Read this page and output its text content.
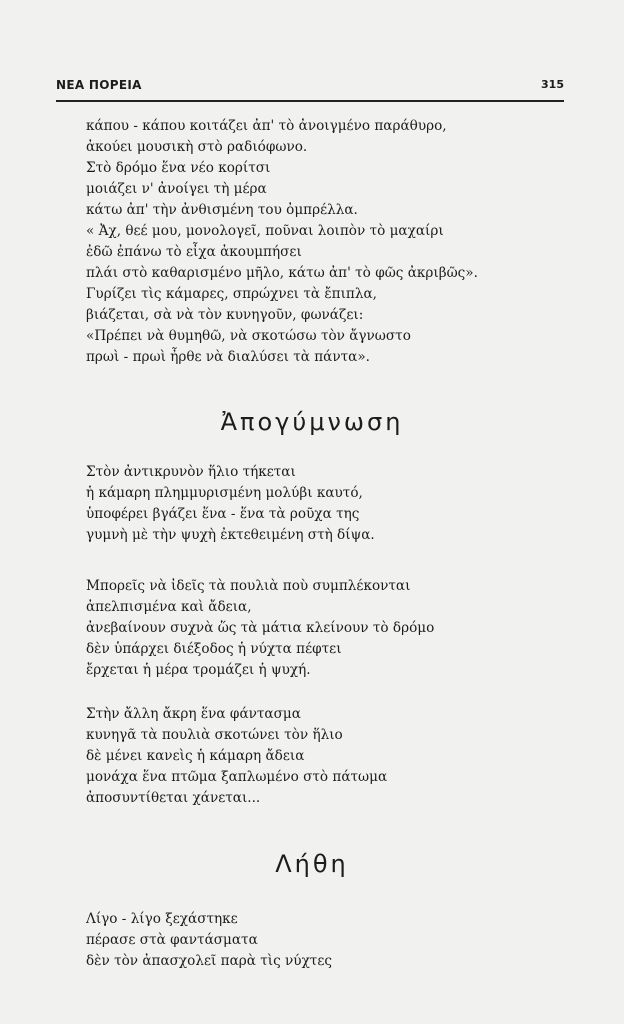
ΝΕΑ ΠΟΡΕΙΑ	315
κάπου - κάπου κοιτάζει ἀπ' τὸ ἀνοιγμένο παράθυρο,
ἀκούει μουσικὴ στὸ ραδιόφωνο.
Στὸ δρόμο ἕνα νέο κορίτσι
μοιάζει ν' ἀνοίγει τὴ μέρα
κάτω ἀπ' τὴν ἀνθισμένη του ὀμπρέλλα.
« Ἀχ, θεέ μου, μονολογεῖ, ποῦναι λοιπὸν τὸ μαχαίρι
ἐδῶ ἐπάνω τὸ εἶχα ἀκουμπήσει
πλάι στὸ καθαρισμένο μῆλο, κάτω ἀπ' τὸ φῶς ἀκριβῶς».
Γυρίζει τὶς κάμαρες, σπρώχνει τὰ ἔπιπλα,
βιάζεται, σὰ νὰ τὸν κυνηγοῦν, φωνάζει:
«Πρέπει νὰ θυμηθῶ, νὰ σκοτώσω τὸν ἄγνωστο
πρωὶ - πρωὶ ἦρθε νὰ διαλύσει τὰ πάντα».
Ἀπογύμνωση
Στὸν ἀντικρυνὸν ἥλιο τήκεται
ἡ κάμαρη πλημμυρισμένη μολύβι καυτό,
ὑποφέρει βγάζει ἕνα - ἕνα τὰ ροῦχα της
γυμνὴ μὲ τὴν ψυχὴ ἐκτεθειμένη στὴ δίψα.
Μπορεῖς νὰ ἰδεῖς τὰ πουλιὰ ποὺ συμπλέκονται
ἀπελπισμένα καὶ ἄδεια,
ἀνεβαίνουν συχνὰ ὥς τὰ μάτια κλείνουν τὸ δρόμο
δὲν ὑπάρχει διέξοδος ἡ νύχτα πέφτει
ἔρχεται ἡ μέρα τρομάζει ἡ ψυχή.
Στὴν ἄλλη ἄκρη ἕνα φάντασμα
κυνηγᾶ τὰ πουλιὰ σκοτώνει τὸν ἥλιο
δὲ μένει κανεὶς ἡ κάμαρη ἄδεια
μονάχα ἕνα πτῶμα ξαπλωμένο στὸ πάτωμα
ἀποσυντίθεται χάνεται...
Λήθη
Λίγο - λίγο ξεχάστηκε
πέρασε στὰ φαντάσματα
δὲν τὸν ἀπασχολεῖ παρὰ τὶς νύχτες
